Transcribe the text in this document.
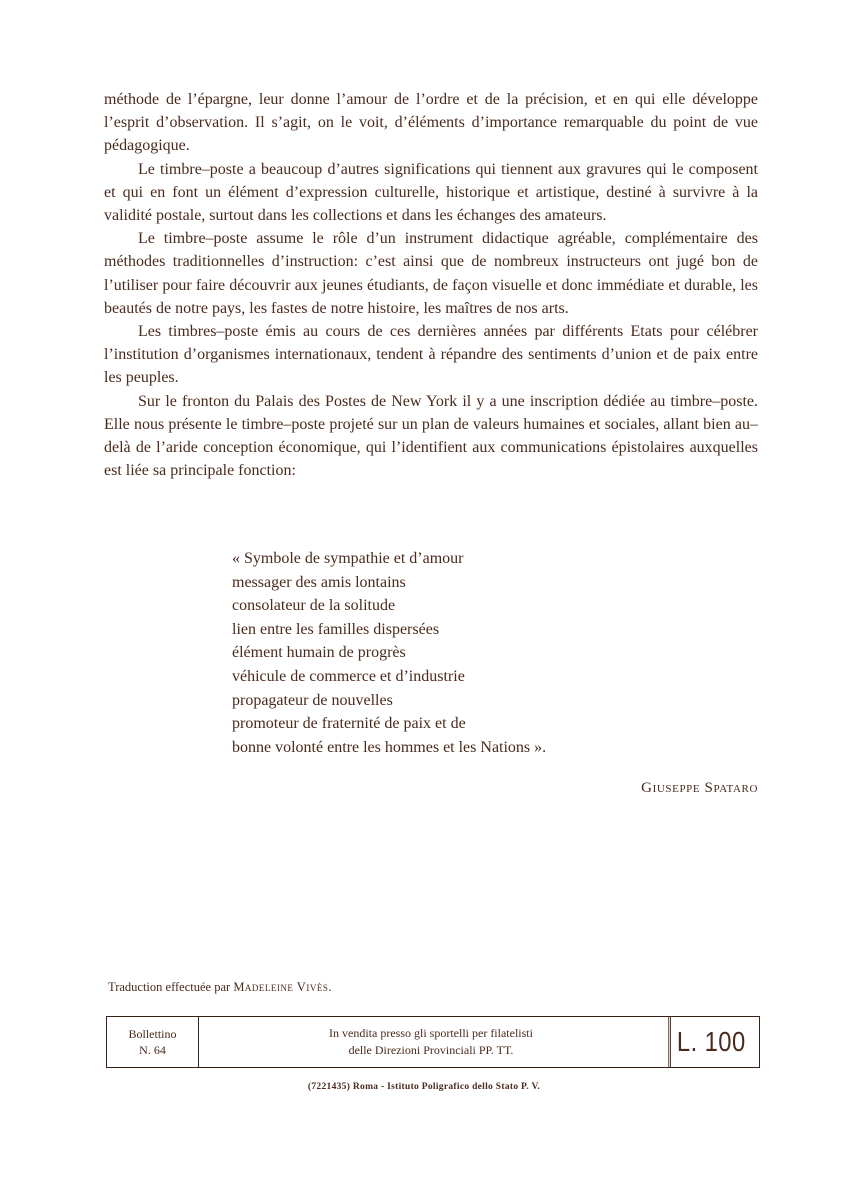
méthode de l’épargne, leur donne l’amour de l’ordre et de la précision, et en qui elle développe l’esprit d’observation. Il s’agit, on le voit, d’éléments d’importance remarquable du point de vue pédagogique.

Le timbre–poste a beaucoup d’autres significations qui tiennent aux gravures qui le composent et qui en font un élément d’expression culturelle, historique et artistique, destiné à survivre à la validité postale, surtout dans les collections et dans les échanges des amateurs.

Le timbre–poste assume le rôle d’un instrument didactique agréable, complémentaire des méthodes traditionnelles d’instruction: c’est ainsi que de nombreux instructeurs ont jugé bon de l’utiliser pour faire découvrir aux jeunes étudiants, de façon visuelle et donc immédiate et durable, les beautés de notre pays, les fastes de notre histoire, les maîtres de nos arts.

Les timbres–poste émis au cours de ces dernières années par différents Etats pour célébrer l’institution d’organismes internationaux, tendent à répandre des sentiments d’union et de paix entre les peuples.

Sur le fronton du Palais des Postes de New York il y a une inscription dédiée au timbre–poste. Elle nous présente le timbre–poste projeté sur un plan de valeurs humaines et sociales, allant bien au–delà de l’aride conception économique, qui l’identifient aux communications épistolaires auxquelles est liée sa principale fonction:

« Symbole de sympathie et d’amour
messager des amis lontains
consolateur de la solitude
lien entre les familles dispersées
élément humain de progrès
véhicule de commerce et d’industrie
propagateur de nouvelles
promoteur de fraternité de paix et de
bonne volonté entre les hommes et les Nations ».
Giuseppe Spataro
Traduction effectuée par Madeleine Vivès.
Bollettino
N. 64
In vendita presso gli sportelli per filatelisti
delle Direzioni Provinciali PP. TT.	L. 100
(7221435) Roma - Istituto Poligrafico dello Stato P. V.
